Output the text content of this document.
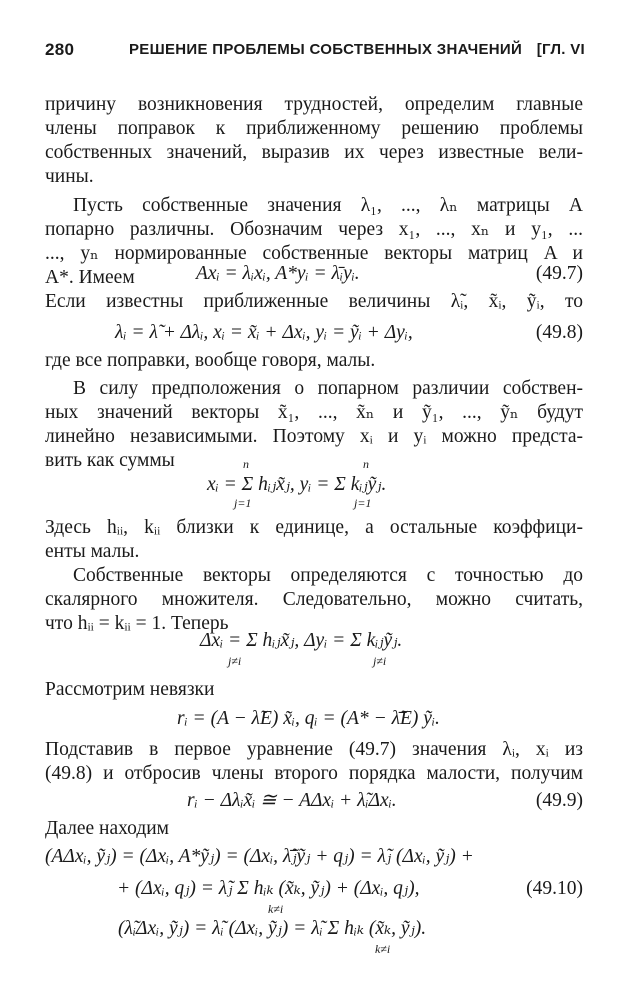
280	РЕШЕНИЕ ПРОБЛЕМЫ СОБСТВЕННЫХ ЗНАЧЕНИЙ [ГЛ. VI
причину возникновения трудностей, определим главные
члены поправок к приближенному решению проблемы
собственных значений, выразив их через известные вели-
чины.
Пусть собственные значения λ₁, ..., λₙ матрицы A
попарно различны. Обозначим через x₁, ..., xₙ и y₁, ...
..., yₙ нормированные собственные векторы матриц A и
A*. Имеем	Axᵢ = λᵢxᵢ, A*yᵢ = λ̄ᵢyᵢ.	(49.7)
Если известны приближенные величины λ̃ᵢ, x̃ᵢ, ỹᵢ, то
λᵢ = λ̃ + Δλᵢ, xᵢ = x̃ᵢ + Δxᵢ, yᵢ = ỹᵢ + Δyᵢ,	(49.8)
где все поправки, вообще говоря, малы.
В силу предположения о попарном различии собствен-
ных значений векторы x̃₁, ..., x̃ₙ и ỹ₁, ..., ỹₙ будут
линейно независимыми. Поэтому xᵢ и yᵢ можно предста-
вить как суммы	n	n
xᵢ = Σ hᵢⱼx̃ⱼ, yᵢ = Σ kᵢⱼỹⱼ.
j=1	j=1
Здесь hᵢᵢ, kᵢᵢ близки к единице, а остальные коэффици-
енты малы.
Собственные векторы определяются с точностью до
скалярного множителя. Следовательно, можно считать,
что hᵢᵢ = kᵢᵢ = 1. Теперь
Δxᵢ = Σ hᵢⱼx̃ⱼ, Δyᵢ = Σ kᵢⱼỹⱼ.
j≠i	j≠i
Рассмотрим невязки
rᵢ = (A − λ̃E) x̃ᵢ, qᵢ = (A* − λ̃̄E) ỹᵢ.
Подставив в первое уравнение (49.7) значения λᵢ, xᵢ из
(49.8) и отбросив члены второго порядка малости, получим
rᵢ − Δλᵢx̃ᵢ ≅ − AΔxᵢ + λ̃ᵢΔxᵢ.	(49.9)
Далее находим
(AΔxᵢ, ỹⱼ) = (Δxᵢ, A*ỹⱼ) = (Δxᵢ, λ̃̄ⱼỹⱼ + qⱼ) = λ̃ⱼ (Δxᵢ, ỹⱼ) +
+ (Δxᵢ, qⱼ) = λ̃ⱼ Σ hᵢₖ (x̃ₖ, ỹⱼ) + (Δxᵢ, qⱼ),	(49.10)
k≠i
(λ̃ᵢΔxᵢ, ỹⱼ) = λ̃ᵢ (Δxᵢ, ỹⱼ) = λ̃ᵢ Σ hᵢₖ (x̃ₖ, ỹⱼ).
k≠i
